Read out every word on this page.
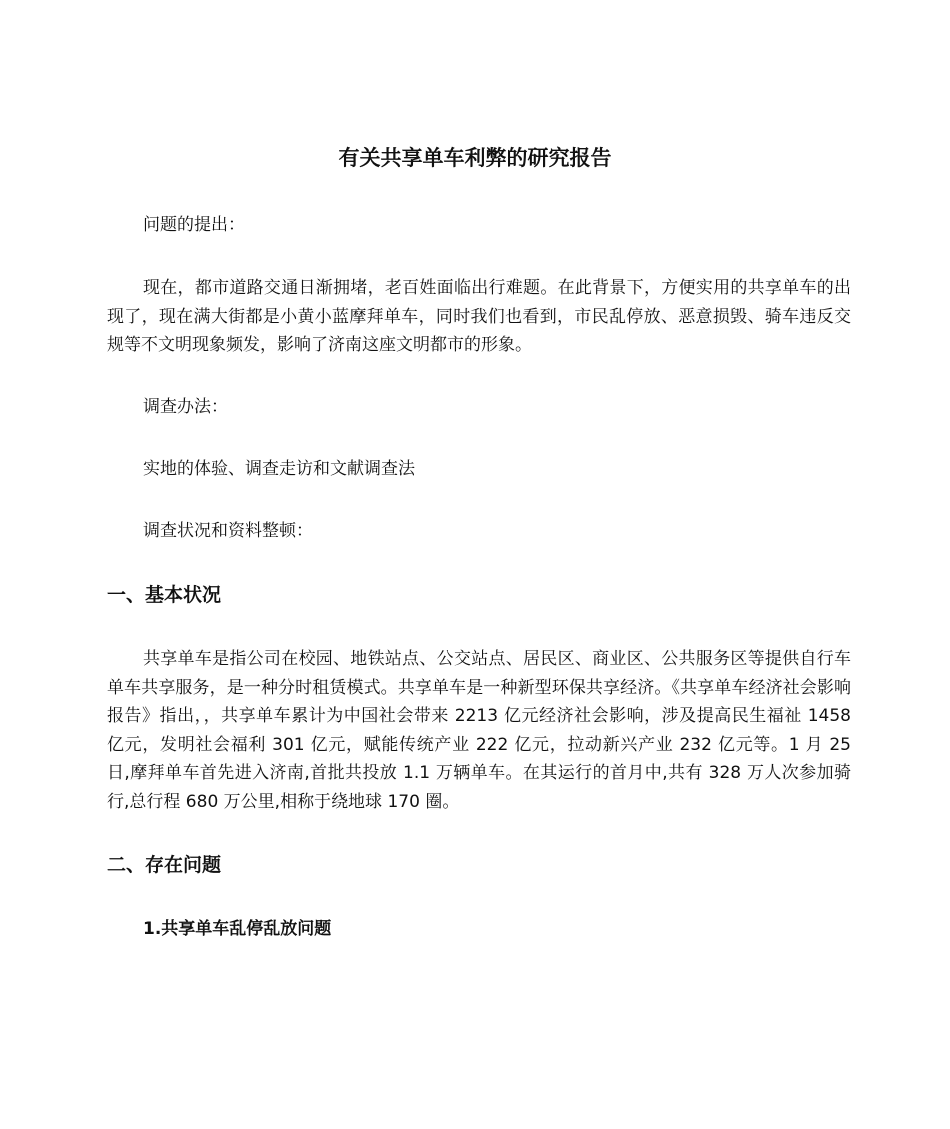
有关共享单车利弊的研究报告
问题的提出：
现在，都市道路交通日渐拥堵，老百姓面临出行难题。在此背景下，方便实用的共享单车的出现了，现在满大街都是小黄小蓝摩拜单车，同时我们也看到，市民乱停放、恶意损毁、骑车违反交规等不文明现象频发，影响了济南这座文明都市的形象。
调查办法：
实地的体验、调查走访和文献调查法
调查状况和资料整顿：
一、基本状况
共享单车是指公司在校园、地铁站点、公交站点、居民区、商业区、公共服务区等提供自行车单车共享服务，是一种分时租赁模式。共享单车是一种新型环保共享经济。《共享单车经济社会影响报告》指出，，共享单车累计为中国社会带来 2213 亿元经济社会影响，涉及提高民生福祉 1458 亿元，发明社会福利 301 亿元，赋能传统产业 222 亿元，拉动新兴产业 232 亿元等。1 月 25 日,摩拜单车首先进入济南,首批共投放 1.1 万辆单车。在其运行的首月中,共有 328 万人次参加骑行,总行程 680 万公里,相称于绕地球 170 圈。
二、存在问题
1.共享单车乱停乱放问题
